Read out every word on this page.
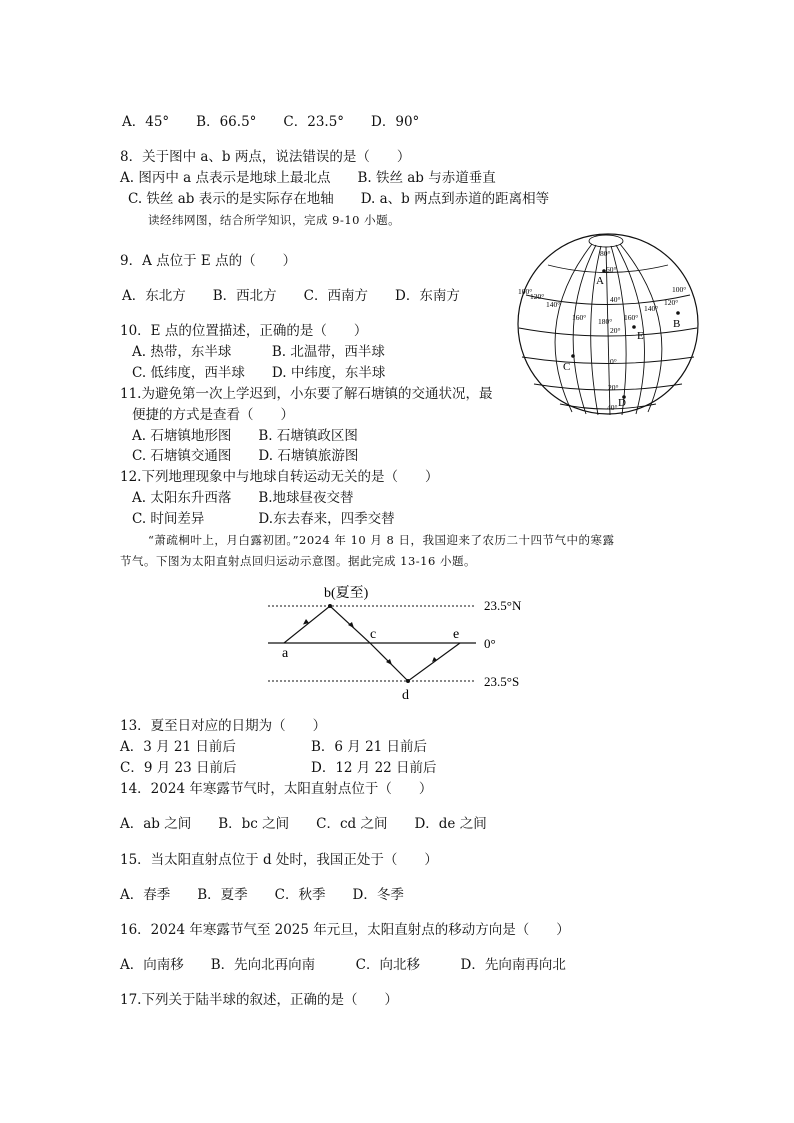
A．45°　　B．66.5°　　C．23.5°　　D．90°
8．关于图中 a、b 两点，说法错误的是（　　）
A. 图丙中 a 点表示是地球上最北点　　B. 铁丝 ab 与赤道垂直
C. 铁丝 ab 表示的是实际存在地轴　　D. a、b 两点到赤道的距离相等
读经纬网图，结合所学知识，完成 9-10 小题。
9．A 点位于 E 点的（　　）
A．东北方　　B．西北方　　C．西南方　　D．东南方
10．E 点的位置描述，正确的是（　　）
A. 热带，东半球　　　B. 北温带，西半球
C. 低纬度，西半球　　D. 中纬度，东半球
11.为避免第一次上学迟到，小东要了解石塘镇的交通状况，最
便捷的方式是查看（　　）
A. 石塘镇地形图　　B. 石塘镇政区图
C. 石塘镇交通图　　D. 石塘镇旅游图
12.下列地理现象中与地球自转运动无关的是（　　）
A. 太阳东升西落　　B.地球昼夜交替
C. 时间差异　　　　D.东去春来，四季交替
“萧疏桐叶上，月白露初团。”2024 年 10 月 8 日，我国迎来了农历二十四节气中的寒露
节气。下图为太阳直射点回归运动示意图。据此完成 13-16 小题。
80°
60°
40°
20°
0°
20°
40°
100°
120°
140°
160° 180° 160°
140°
120°
100°
A
B
E
C
D
b(夏至)
c
a
d
e
23.5°N
0°
23.5°S
13．夏至日对应的日期为（　　）
A．3 月 21 日前后	B．6 月 21 日前后
C．9 月 23 日前后	D．12 月 22 日前后
14．2024 年寒露节气时，太阳直射点位于（　　）
A．ab 之间　　B．bc 之间　　C．cd 之间　　D．de 之间
15．当太阳直射点位于 d 处时，我国正处于（　　）
A．春季　　B．夏季　　C．秋季　　D．冬季
16．2024 年寒露节气至 2025 年元旦，太阳直射点的移动方向是（　　）
A．向南移　　B．先向北再向南　　　C．向北移　　　D．先向南再向北
17.下列关于陆半球的叙述，正确的是（　　）
